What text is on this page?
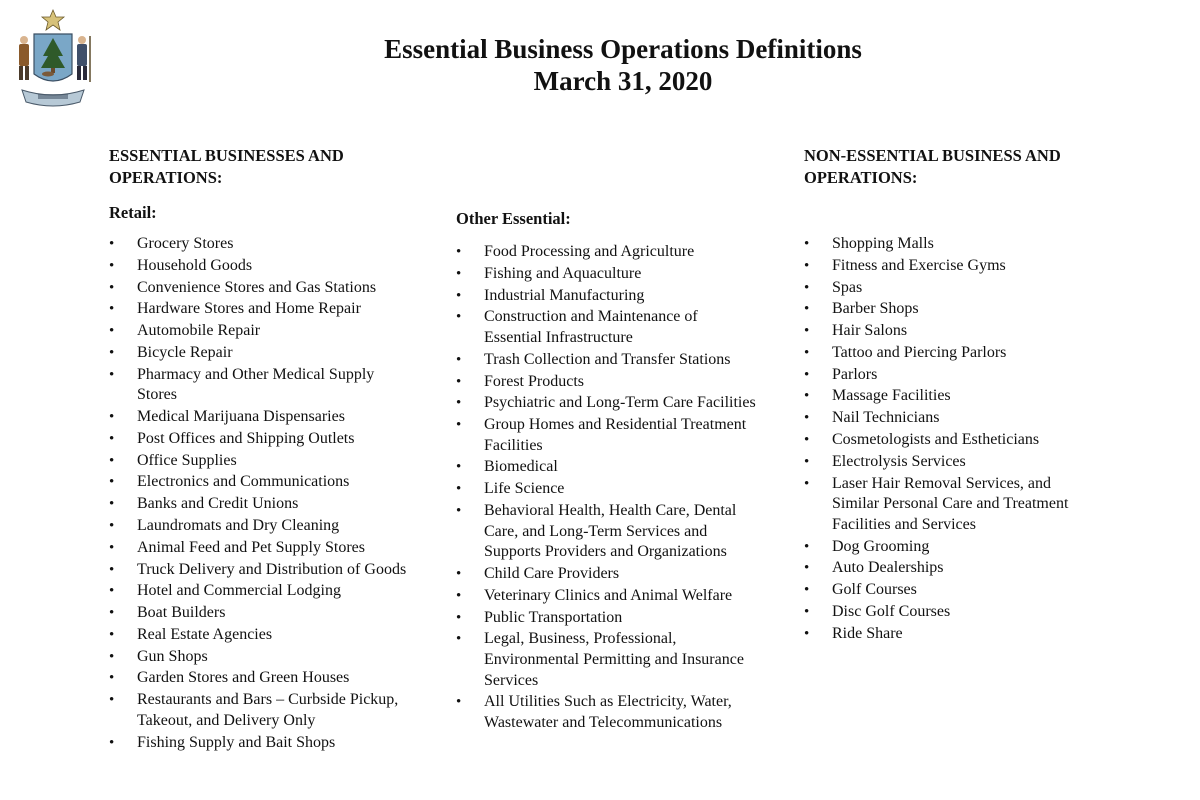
Essential Business Operations Definitions
March 31, 2020
ESSENTIAL BUSINESSES AND
OPERATIONS:
Retail:
• Grocery Stores
• Household Goods
• Convenience Stores and Gas Stations
• Hardware Stores and Home Repair
• Automobile Repair
• Bicycle Repair
• Pharmacy and Other Medical Supply Stores
• Medical Marijuana Dispensaries
• Post Offices and Shipping Outlets
• Office Supplies
• Electronics and Communications
• Banks and Credit Unions
• Laundromats and Dry Cleaning
• Animal Feed and Pet Supply Stores
• Truck Delivery and Distribution of Goods
• Hotel and Commercial Lodging
• Boat Builders
• Real Estate Agencies
• Gun Shops
• Garden Stores and Green Houses
• Restaurants and Bars – Curbside Pickup, Takeout, and Delivery Only
• Fishing Supply and Bait Shops
Other Essential:
• Food Processing and Agriculture
• Fishing and Aquaculture
• Industrial Manufacturing
• Construction and Maintenance of Essential Infrastructure
• Trash Collection and Transfer Stations
• Forest Products
• Psychiatric and Long-Term Care Facilities
• Group Homes and Residential Treatment Facilities
• Biomedical
• Life Science
• Behavioral Health, Health Care, Dental Care, and Long-Term Services and Supports Providers and Organizations
• Child Care Providers
• Veterinary Clinics and Animal Welfare
• Public Transportation
• Legal, Business, Professional, Environmental Permitting and Insurance Services
• All Utilities Such as Electricity, Water, Wastewater and Telecommunications
NON-ESSENTIAL BUSINESS AND
OPERATIONS:
• Shopping Malls
• Fitness and Exercise Gyms
• Spas
• Barber Shops
• Hair Salons
• Tattoo and Piercing Parlors
• Parlors
• Massage Facilities
• Nail Technicians
• Cosmetologists and Estheticians
• Electrolysis Services
• Laser Hair Removal Services, and Similar Personal Care and Treatment Facilities and Services
• Dog Grooming
• Auto Dealerships
• Golf Courses
• Disc Golf Courses
• Ride Share
